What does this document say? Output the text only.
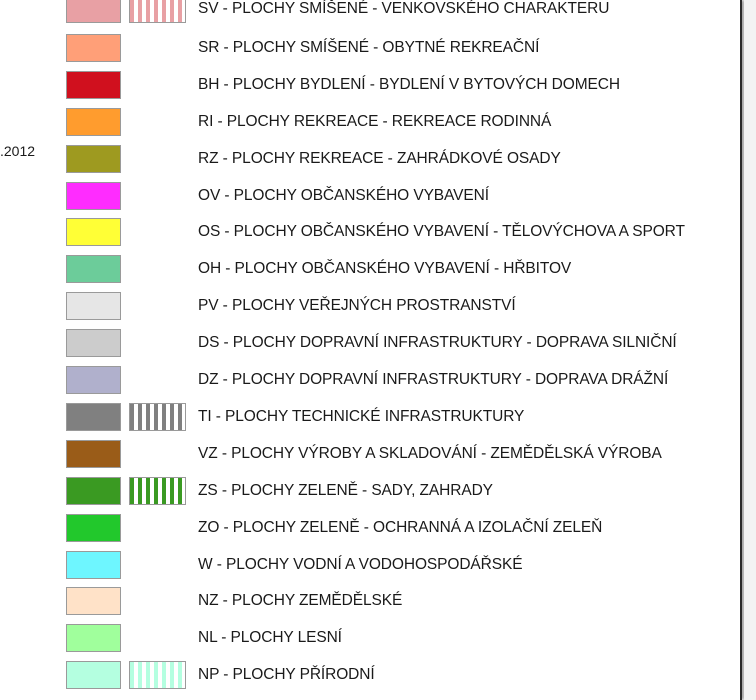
.2012
SV - PLOCHY SMÍŠENÉ - VENKOVSKÉHO CHARAKTERU
SR - PLOCHY SMÍŠENÉ - OBYTNÉ REKREAČNÍ
BH - PLOCHY BYDLENÍ - BYDLENÍ V BYTOVÝCH DOMECH
RI - PLOCHY REKREACE - REKREACE RODINNÁ
RZ - PLOCHY REKREACE - ZAHRÁDKOVÉ OSADY
OV - PLOCHY OBČANSKÉHO VYBAVENÍ
OS - PLOCHY OBČANSKÉHO VYBAVENÍ - TĚLOVÝCHOVA A SPORT
OH - PLOCHY OBČANSKÉHO VYBAVENÍ - HŘBITOV
PV - PLOCHY VEŘEJNÝCH PROSTRANSTVÍ
DS - PLOCHY DOPRAVNÍ INFRASTRUKTURY - DOPRAVA SILNIČNÍ
DZ - PLOCHY DOPRAVNÍ INFRASTRUKTURY - DOPRAVA DRÁŽNÍ
TI - PLOCHY TECHNICKÉ INFRASTRUKTURY
VZ - PLOCHY VÝROBY A SKLADOVÁNÍ - ZEMĚDĚLSKÁ VÝROBA
ZS - PLOCHY ZELENĚ - SADY, ZAHRADY
ZO - PLOCHY ZELENĚ - OCHRANNÁ A IZOLAČNÍ ZELEŇ
W - PLOCHY VODNÍ A VODOHOSPODÁŘSKÉ
NZ - PLOCHY ZEMĚDĚLSKÉ
NL - PLOCHY LESNÍ
NP - PLOCHY PŘÍRODNÍ
